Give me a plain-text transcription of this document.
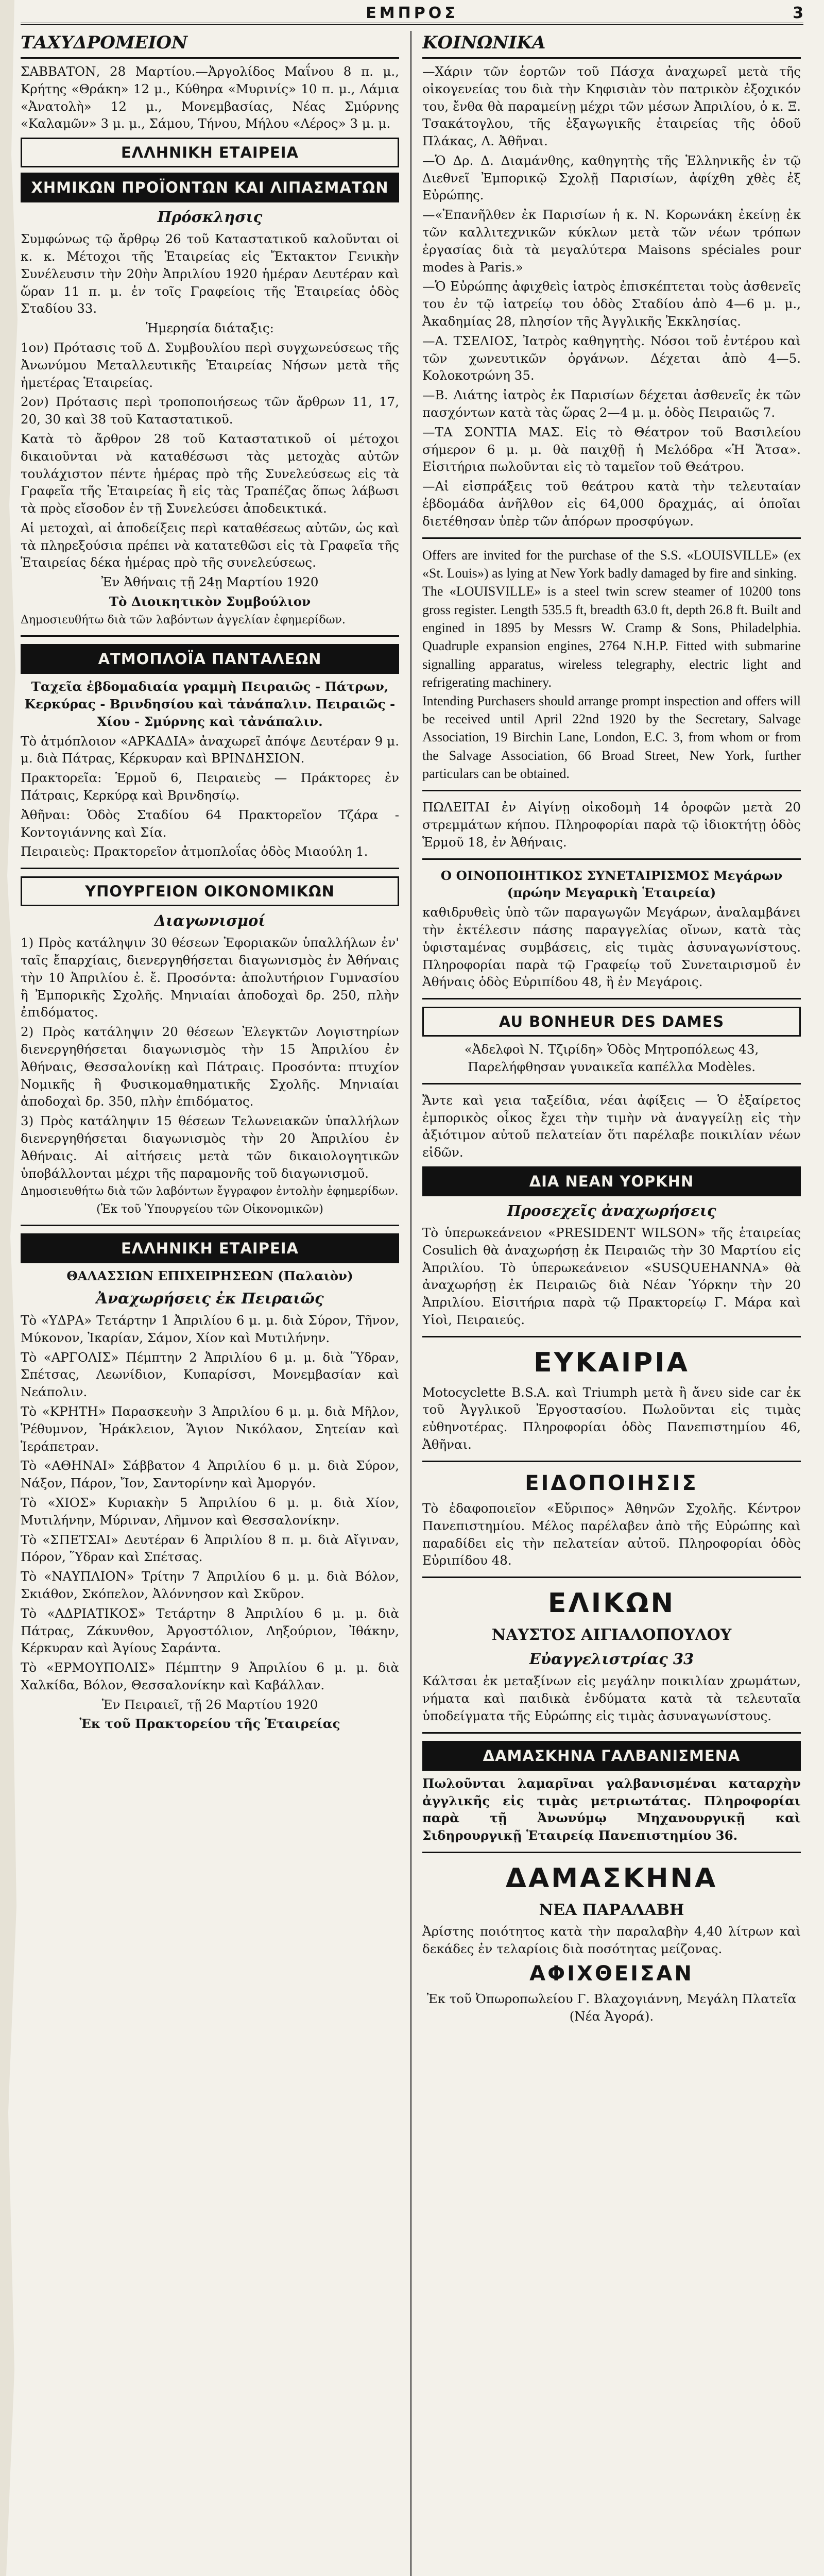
ΕΜΠΡΟΣ	3
ΤΑΧΥΔΡΟΜΕΙΟΝ

ΣΑΒΒΑΤΟΝ, 28 Μαρτίου.—Ἀργολίδος Μαΐνου 8 π. μ., Κρήτης «Θράκη» 12 μ., Κύθηρα «Μυρινίς» 10 π. μ., Λάμια «Ἀνατολὴ» 12 μ., Μονεμβασίας, Νέας Σμύρνης «Καλαμῶν» 3 μ. μ., Σάμου, Τήνου, Μήλου «Λέρος» 3 μ. μ.

ΕΛΛΗΝΙΚΗ ΕΤΑΙΡΕΙΑ
ΧΗΜΙΚΩΝ ΠΡΟΪΟΝΤΩΝ ΚΑΙ ΛΙΠΑΣΜΑΤΩΝ
Πρόσκλησις

Συμφώνως τῷ ἄρθρῳ 26 τοῦ Καταστατικοῦ καλοῦνται οἱ κ. κ. Μέτοχοι τῆς Ἑταιρείας εἰς Ἔκτακτον Γενικὴν Συνέλευσιν τὴν 20ὴν Ἀπριλίου 1920 ἡμέραν Δευτέραν καὶ ὥραν 11 π. μ. ἐν τοῖς Γραφείοις τῆς Ἑταιρείας ὁδὸς Σταδίου 33.

Ἡμερησία διάταξις:

1ον) Πρότασις τοῦ Δ. Συμβουλίου περὶ συγχωνεύσεως τῆς Ἀνωνύμου Μεταλλευτικῆς Ἑταιρείας Νήσων μετὰ τῆς ἡμετέρας Ἑταιρείας.

2ον) Πρότασις περὶ τροποποιήσεως τῶν ἄρθρων 11, 17, 20, 30 καὶ 38 τοῦ Καταστατικοῦ.

Κατὰ τὸ ἄρθρον 28 τοῦ Καταστατικοῦ οἱ μέτοχοι δικαιοῦνται νὰ καταθέσωσι τὰς μετοχὰς αὐτῶν τουλάχιστον πέντε ἡμέρας πρὸ τῆς Συνελεύσεως εἰς τὰ Γραφεῖα τῆς Ἑταιρείας ἢ εἰς τὰς Τραπέζας ὅπως λάβωσι τὰ πρὸς εἴσοδον ἐν τῇ Συνελεύσει ἀποδεικτικά.

Αἱ μετοχαὶ, αἱ ἀποδείξεις περὶ καταθέσεως αὐτῶν, ὡς καὶ τὰ πληρεξούσια πρέπει νὰ κατατεθῶσι εἰς τὰ Γραφεῖα τῆς Ἑταιρείας δέκα ἡμέρας πρὸ τῆς συνελεύσεως.

Ἐν Ἀθήναις τῇ 24ῃ Μαρτίου 1920

Τὸ Διοικητικὸν Συμβούλιον

Δημοσιευθήτω διὰ τῶν λαβόντων ἀγγελίαν ἐφημερίδων.

ΑΤΜΟΠΛΟΪΑ ΠΑΝΤΑΛΕΩΝ

Ταχεῖα ἑβδομαδιαία γραμμὴ Πειραιῶς - Πάτρων, Κερκύρας - Βρινδησίου καὶ τἀνάπαλιν. Πειραιῶς - Χίου - Σμύρνης καὶ τἀνάπαλιν.

Τὸ ἀτμόπλοιον «ΑΡΚΑΔΙΑ» ἀναχωρεῖ ἀπόψε Δευτέραν 9 μ. μ. διὰ Πάτρας, Κέρκυραν καὶ ΒΡΙΝΔΗΣΙΟΝ.

Πρακτορεῖα: Ἑρμοῦ 6, Πειραιεὺς — Πράκτορες ἐν Πάτραις, Κερκύρᾳ καὶ Βρινδησίῳ.

Ἀθῆναι: Ὁδὸς Σταδίου 64 Πρακτορεῖον Τζάρα - Κοντογιάννης καὶ Σία.

Πειραιεὺς: Πρακτορεῖον ἀτμοπλοΐας ὁδὸς Μιαούλη 1.

ΥΠΟΥΡΓΕΙΟΝ ΟΙΚΟΝΟΜΙΚΩΝ
Διαγωνισμοί

1) Πρὸς κατάληψιν 30 θέσεων Ἐφοριακῶν ὑπαλλήλων ἐν' ταῖς ἔπαρχίαις, διενεργηθήσεται διαγωνισμὸς ἐν Ἀθήναις τὴν 10 Ἀπριλίου ἐ. ἔ. Προσόντα: ἀπολυτήριον Γυμνασίου ἢ Ἐμπορικῆς Σχολῆς. Μηνιαίαι ἀποδοχαὶ δρ. 250, πλὴν ἐπιδόματος.

2) Πρὸς κατάληψιν 20 θέσεων Ἐλεγκτῶν Λογιστηρίων διενεργηθήσεται διαγωνισμὸς τὴν 15 Ἀπριλίου ἐν Ἀθήναις, Θεσσαλονίκῃ καὶ Πάτραις. Προσόντα: πτυχίον Νομικῆς ἢ Φυσικομαθηματικῆς Σχολῆς. Μηνιαίαι ἀποδοχαὶ δρ. 350, πλὴν ἐπιδόματος.

3) Πρὸς κατάληψιν 15 θέσεων Τελωνειακῶν ὑπαλλήλων διενεργηθήσεται διαγωνισμὸς τὴν 20 Ἀπριλίου ἐν Ἀθήναις. Αἱ αἰτήσεις μετὰ τῶν δικαιολογητικῶν ὑποβάλλονται μέχρι τῆς παραμονῆς τοῦ διαγωνισμοῦ.

Δημοσιευθήτω διὰ τῶν λαβόντων ἔγγραφον ἐντολὴν ἐφημερίδων.

(Ἐκ τοῦ Ὑπουργείου τῶν Οἰκονομικῶν)

ΕΛΛΗΝΙΚΗ ΕΤΑΙΡΕΙΑ
ΘΑΛΑΣΣΙΩΝ ΕΠΙΧΕΙΡΗΣΕΩΝ (Παλαιὸν)
Ἀναχωρήσεις ἐκ Πειραιῶς

Τὸ «ΥΔΡΑ» Τετάρτην 1 Ἀπριλίου 6 μ. μ. διὰ Σύρον, Τῆνον, Μύκονον, Ἰκαρίαν, Σάμον, Χίον καὶ Μυτιλήνην.

Τὸ «ΑΡΓΟΛΙΣ» Πέμπτην 2 Ἀπριλίου 6 μ. μ. διὰ Ὕδραν, Σπέτσας, Λεωνίδιον, Κυπαρίσσι, Μονεμβασίαν καὶ Νεάπολιν.

Τὸ «ΚΡΗΤΗ» Παρασκευὴν 3 Ἀπριλίου 6 μ. μ. διὰ Μῆλον, Ῥέθυμνον, Ἡράκλειον, Ἅγιον Νικόλαον, Σητείαν καὶ Ἱεράπετραν.

Τὸ «ΑΘΗΝΑΙ» Σάββατον 4 Ἀπριλίου 6 μ. μ. διὰ Σύρον, Νάξον, Πάρον, Ἴον, Σαντορίνην καὶ Ἀμοργόν.

Τὸ «ΧΙΟΣ» Κυριακὴν 5 Ἀπριλίου 6 μ. μ. διὰ Χίον, Μυτιλήνην, Μύριναν, Λῆμνον καὶ Θεσσαλονίκην.

Τὸ «ΣΠΕΤΣΑΙ» Δευτέραν 6 Ἀπριλίου 8 π. μ. διὰ Αἴγιναν, Πόρον, Ὕδραν καὶ Σπέτσας.

Τὸ «ΝΑΥΠΛΙΟΝ» Τρίτην 7 Ἀπριλίου 6 μ. μ. διὰ Βόλον, Σκιάθον, Σκόπελον, Ἀλόννησον καὶ Σκῦρον.

Τὸ «ΑΔΡΙΑΤΙΚΟΣ» Τετάρτην 8 Ἀπριλίου 6 μ. μ. διὰ Πάτρας, Ζάκυνθον, Ἀργοστόλιον, Ληξούριον, Ἰθάκην, Κέρκυραν καὶ Ἀγίους Σαράντα.

Τὸ «ΕΡΜΟΥΠΟΛΙΣ» Πέμπτην 9 Ἀπριλίου 6 μ. μ. διὰ Χαλκίδα, Βόλον, Θεσσαλονίκην καὶ Καβάλλαν.

Ἐν Πειραιεῖ, τῇ 26 Μαρτίου 1920

Ἐκ τοῦ Πρακτορείου τῆς Ἑταιρείας

ΚΟΙΝΩΝΙΚΑ

—Χάριν τῶν ἑορτῶν τοῦ Πάσχα ἀναχωρεῖ μετὰ τῆς οἰκογενείας του διὰ τὴν Κηφισιὰν τὸν πατρικὸν ἐξοχικόν του, ἔνθα θὰ παραμείνῃ μέχρι τῶν μέσων Ἀπριλίου, ὁ κ. Ξ. Τσακάτογλου, τῆς ἐξαγωγικῆς ἐταιρείας τῆς ὁδοῦ Πλάκας, Λ. Ἀθῆναι.

—Ὁ Δρ. Δ. Διαμάνθης, καθηγητὴς τῆς Ἑλληνικῆς ἐν τῷ Διεθνεῖ Ἐμπορικῷ Σχολῇ Παρισίων, ἀφίχθη χθὲς ἐξ Εὐρώπης.

—«Ἐπανῆλθεν ἐκ Παρισίων ἡ κ. Ν. Κορωνάκη ἐκείνῃ ἐκ τῶν καλλιτεχνικῶν κύκλων μετὰ τῶν νέων τρόπων ἐργασίας διὰ τὰ μεγαλύτερα Maisons spéciales pour modes à Paris.»

—Ὁ Εὐρώπης ἀφιχθεὶς ἰατρὸς ἐπισκέπτεται τοὺς ἀσθενεῖς του ἐν τῷ ἰατρείῳ του ὁδὸς Σταδίου ἀπὸ 4—6 μ. μ., Ἀκαδημίας 28, πλησίον τῆς Ἀγγλικῆς Ἐκκλησίας.

—Α. ΤΣΕΛΙΟΣ, Ἰατρὸς καθηγητὴς. Νόσοι τοῦ ἐντέρου καὶ τῶν χωνευτικῶν ὀργάνων. Δέχεται ἀπὸ 4—5. Κολοκοτρώνη 35.

—Β. Λιάτης ἰατρὸς ἐκ Παρισίων δέχεται ἀσθενεῖς ἐκ τῶν πασχόντων κατὰ τὰς ὥρας 2—4 μ. μ. ὁδὸς Πειραιῶς 7.

—ΤΑ ΣΟΝΤΙΑ ΜΑΣ. Εἰς τὸ Θέατρον τοῦ Βασιλείου σήμερον 6 μ. μ. θὰ παιχθῇ ἡ Μελόδρα «Ἡ Ἄτσα». Εἰσιτήρια πωλοῦνται εἰς τὸ ταμεῖον τοῦ Θεάτρου.

—Αἱ εἰσπράξεις τοῦ θεάτρου κατὰ τὴν τελευταίαν ἑβδομάδα ἀνῆλθον εἰς 64,000 δραχμάς, αἱ ὁποῖαι διετέθησαν ὑπὲρ τῶν ἀπόρων προσφύγων.

Offers are invited for the purchase of the S.S. «LOUISVILLE» (ex «St. Louis») as lying at New York badly damaged by fire and sinking.
The «LOUISVILLE» is a steel twin screw steamer of 10200 tons gross register. Length 535.5 ft, breadth 63.0 ft, depth 26.8 ft. Built and engined in 1895 by Messrs W. Cramp & Sons, Philadelphia. Quadruple expansion engines, 2764 N.H.P. Fitted with submarine signalling apparatus, wireless telegraphy, electric light and refrigerating machinery.
Intending Purchasers should arrange prompt inspection and offers will be received until April 22nd 1920 by the Secretary, Salvage Association, 19 Birchin Lane, London, E.C. 3, from whom or from the Salvage Association, 66 Broad Street, New York, further particulars can be obtained.

ΠΩΛΕΙΤΑΙ ἐν Αἰγίνῃ οἰκοδομὴ 14 ὀροφῶν μετὰ 20 στρεμμάτων κήπου. Πληροφορίαι παρὰ τῷ ἰδιοκτήτῃ ὁδὸς Ἑρμοῦ 18, ἐν Ἀθήναις.

Ο ΟΙΝΟΠΟΙΗΤΙΚΟΣ ΣΥΝΕΤΑΙΡΙΣΜΟΣ Μεγάρων (πρώην Μεγαρικὴ Ἑταιρεία)

καθιδρυθεὶς ὑπὸ τῶν παραγωγῶν Μεγάρων, ἀναλαμβάνει τὴν ἐκτέλεσιν πάσης παραγγελίας οἴνων, κατὰ τὰς ὑφισταμένας συμβάσεις, εἰς τιμὰς ἀσυναγωνίστους. Πληροφορίαι παρὰ τῷ Γραφείῳ τοῦ Συνεταιρισμοῦ ἐν Ἀθήναις ὁδὸς Εὐριπίδου 48, ἢ ἐν Μεγάροις.

AU BONHEUR DES DAMES

«Ἀδελφοὶ Ν. Τζιρίδη» Ὁδὸς Μητροπόλεως 43, Παρελήφθησαν γυναικεῖα καπέλλα Modèles.

Ἄντε καὶ γεια ταξείδια, νέαι ἀφίξεις — Ὁ ἐξαίρετος ἐμπορικὸς οἶκος ἔχει τὴν τιμὴν νὰ ἀναγγείλῃ εἰς τὴν ἀξιότιμον αὐτοῦ πελατείαν ὅτι παρέλαβε ποικιλίαν νέων εἰδῶν.

ΔΙΑ ΝΕΑΝ ΥΟΡΚΗΝ
Προσεχεῖς ἀναχωρήσεις

Τὸ ὑπερωκεάνειον «PRESIDENT WILSON» τῆς ἑταιρείας Cosulich θὰ ἀναχωρήσῃ ἐκ Πειραιῶς τὴν 30 Μαρτίου εἰς Ἀπριλίου. Τὸ ὑπερωκεάνειον «SUSQUEHANNA» θὰ ἀναχωρήσῃ ἐκ Πειραιῶς διὰ Νέαν Ὑόρκην τὴν 20 Ἀπριλίου. Εἰσιτήρια παρὰ τῷ Πρακτορείῳ Γ. Μάρα καὶ Υἱοὶ, Πειραιεύς.

ΕΥΚΑΙΡΙΑ

Motocyclette B.S.A. καὶ Triumph μετὰ ἢ ἄνευ side car ἐκ τοῦ Ἀγγλικοῦ Ἐργοστασίου. Πωλοῦνται εἰς τιμὰς εὐθηνοτέρας. Πληροφορίαι ὁδὸς Πανεπιστημίου 46, Ἀθῆναι.

ΕΙΔΟΠΟΙΗΣΙΣ

Τὸ ἐδαφοποιεῖον «Εὔριπος» Ἀθηνῶν Σχολῆς. Κέντρον Πανεπιστημίου. Μέλος παρέλαβεν ἀπὸ τῆς Εὐρώπης καὶ παραδίδει εἰς τὴν πελατείαν αὐτοῦ. Πληροφορίαι ὁδὸς Εὐριπίδου 48.

ΕΛΙΚΩΝ
ΝΑΥΣΤΟΣ ΑΙΓΙΑΛΟΠΟΥΛΟΥ
Εὐαγγελιστρίας 33

Κάλτσαι ἐκ μεταξίνων εἰς μεγάλην ποικιλίαν χρωμάτων, νήματα καὶ παιδικὰ ἐνδύματα κατὰ τὰ τελευταῖα ὑποδείγματα τῆς Εὐρώπης εἰς τιμὰς ἀσυναγωνίστους.

ΔΑΜΑΣΚΗΝΑ ΓΑΛΒΑΝΙΣΜΕΝΑ

Πωλοῦνται λαμαρῖναι γαλβανισμέναι καταρχὴν ἀγγλικῆς εἰς τιμὰς μετριωτάτας. Πληροφορίαι παρὰ τῇ Ἀνωνύμῳ Μηχανουργικῇ καὶ Σιδηρουργικῇ Ἑταιρείᾳ Πανεπιστημίου 36.

ΔΑΜΑΣΚΗΝΑ
ΝΕΑ ΠΑΡΑΛΑΒΗ

Ἀρίστης ποιότητος κατὰ τὴν παραλαβὴν 4,40 λίτρων καὶ δεκάδες ἐν τελαρίοις διὰ ποσότητας μείζονας.

ΑΦΙΧΘΕΙΣΑΝ

Ἐκ τοῦ Ὀπωροπωλείου Γ. Βλαχογιάννη, Μεγάλη Πλατεῖα (Νέα Ἀγορά).
